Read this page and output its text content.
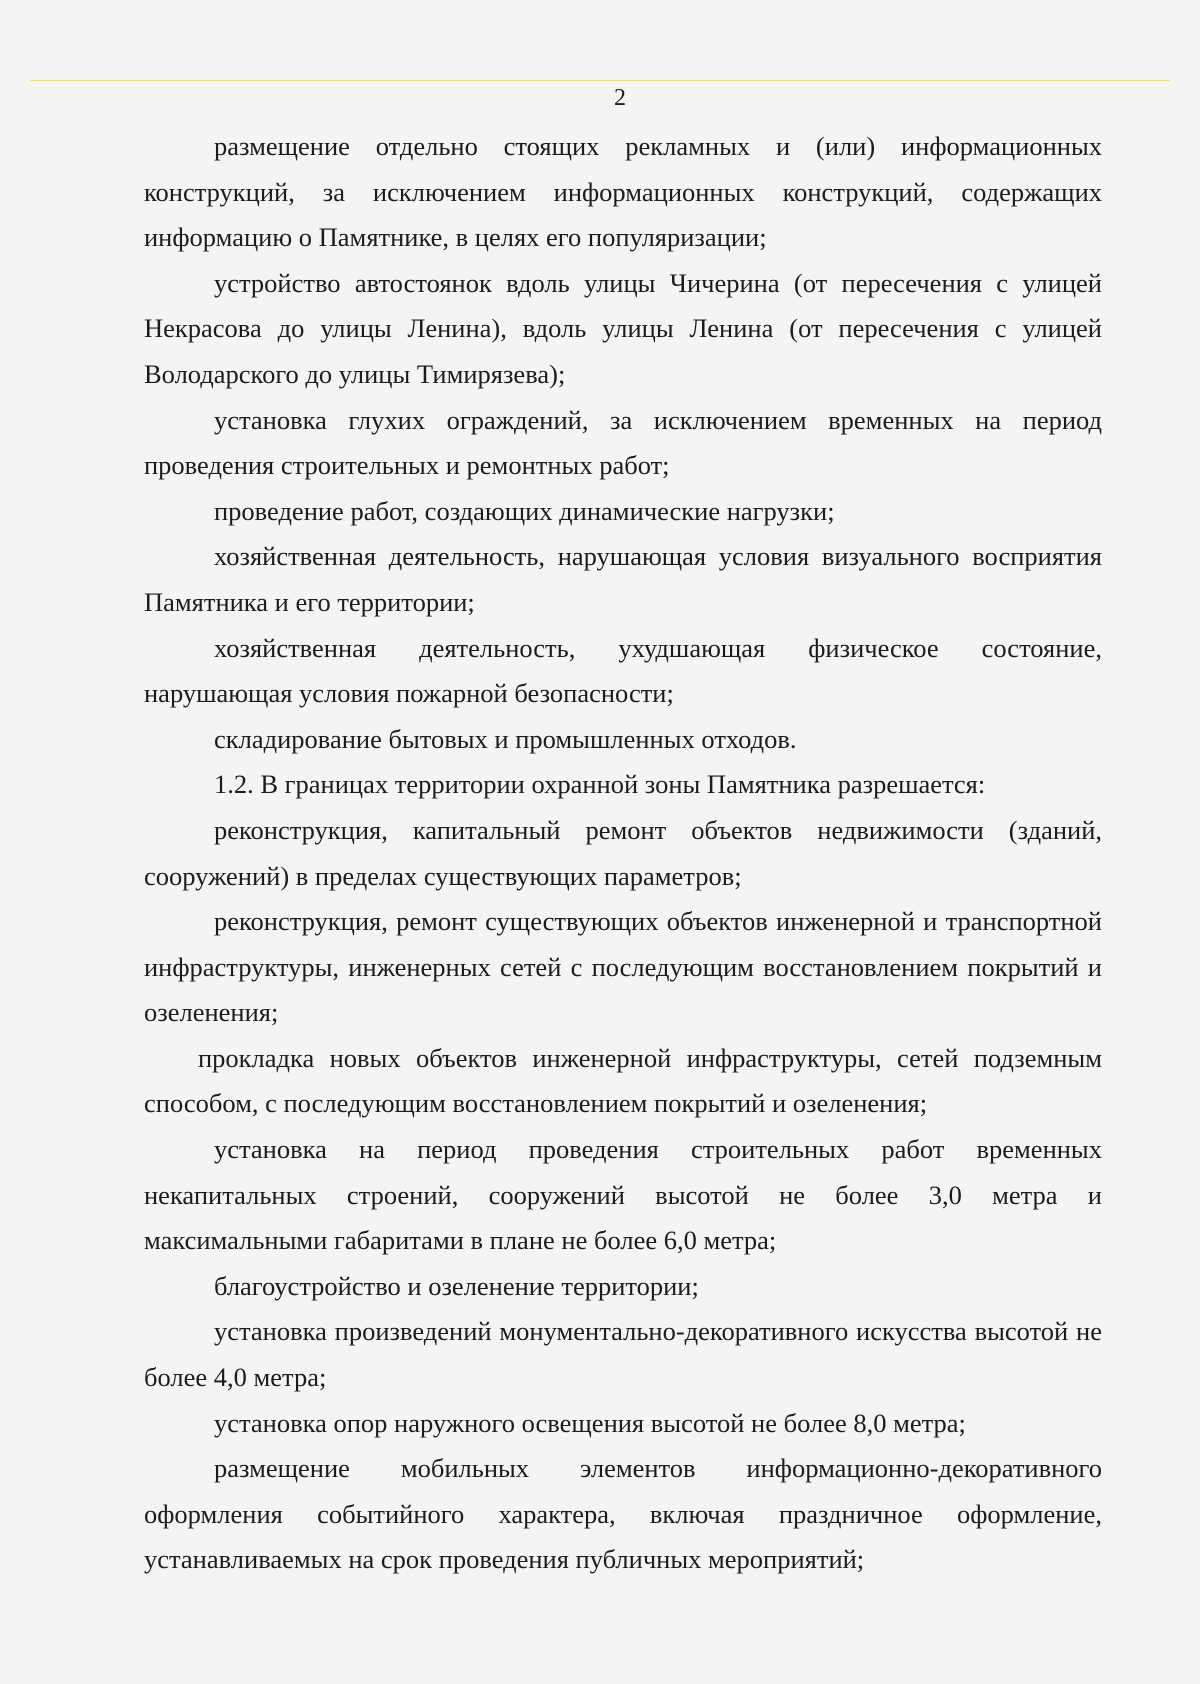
2

размещение отдельно стоящих рекламных и (или) информационных конструкций, за исключением информационных конструкций, содержащих информацию о Памятнике, в целях его популяризации;

устройство автостоянок вдоль улицы Чичерина (от пересечения с улицей Некрасова до улицы Ленина), вдоль улицы Ленина (от пересечения с улицей Володарского до улицы Тимирязева);

установка глухих ограждений, за исключением временных на период проведения строительных и ремонтных работ;

проведение работ, создающих динамические нагрузки;

хозяйственная деятельность, нарушающая условия визуального восприятия Памятника и его территории;

хозяйственная деятельность, ухудшающая физическое состояние, нарушающая условия пожарной безопасности;

складирование бытовых и промышленных отходов.

1.2. В границах территории охранной зоны Памятника разрешается:

реконструкция, капитальный ремонт объектов недвижимости (зданий, сооружений) в пределах существующих параметров;

реконструкция, ремонт существующих объектов инженерной и транспортной инфраструктуры, инженерных сетей с последующим восстановлением покрытий и озеленения;

прокладка новых объектов инженерной инфраструктуры, сетей подземным способом, с последующим восстановлением покрытий и озеленения;

установка на период проведения строительных работ временных некапитальных строений, сооружений высотой не более 3,0 метра и максимальными габаритами в плане не более 6,0 метра;

благоустройство и озеленение территории;

установка произведений монументально-декоративного искусства высотой не более 4,0 метра;

установка опор наружного освещения высотой не более 8,0 метра;

размещение мобильных элементов информационно-декоративного оформления событийного характера, включая праздничное оформление, устанавливаемых на срок проведения публичных мероприятий;
